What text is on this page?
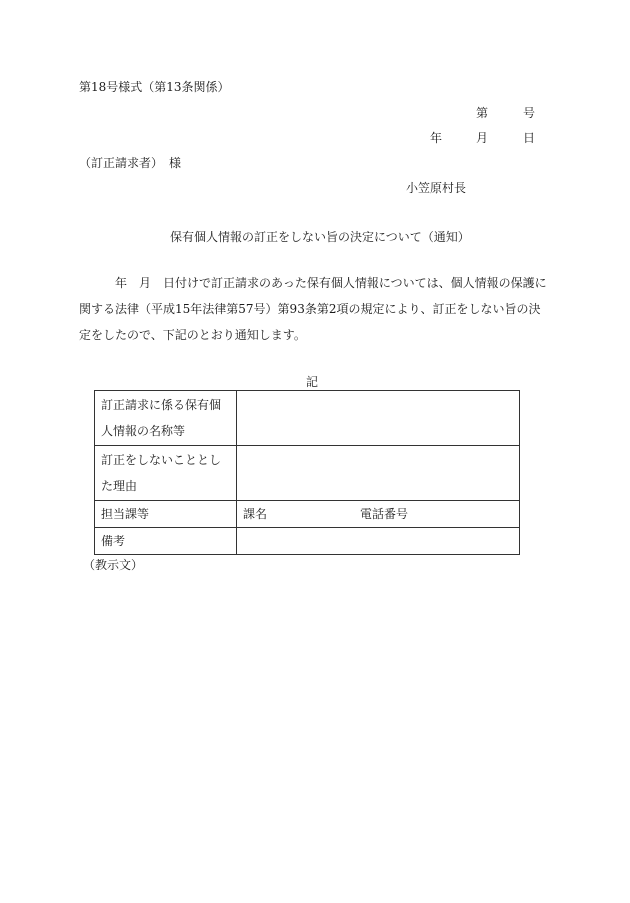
第18号様式（第13条関係）
第	号
年	月	日
（訂正請求者）　様
小笠原村長
保有個人情報の訂正をしない旨の決定について（通知）
年　月　日付けで訂正請求のあった保有個人情報については、個人情報の保護に関する法律（平成15年法律第57号）第93条第2項の規定により、訂正をしない旨の決定をしたので、下記のとおり通知します。
記
訂正請求に係る保有個人情報の名称等	
訂正をしないこととした理由	
担当課等	課名 電話番号

備考	
（教示文）
